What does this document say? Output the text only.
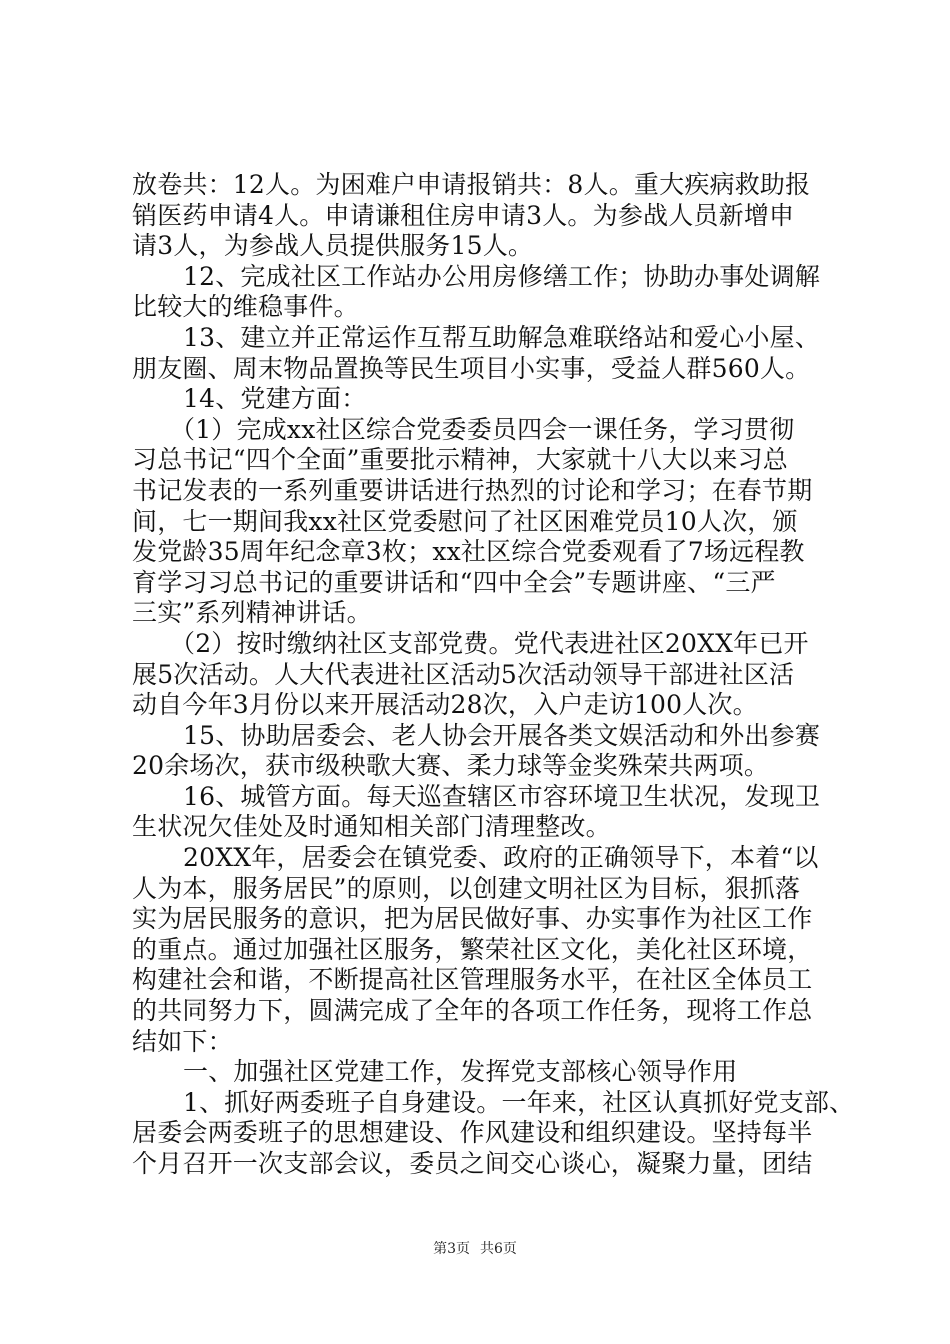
放卷共：12人。为困难户申请报销共：8人。重大疾病救助报

销医药申请4人。申请谦租住房申请3人。为参战人员新增申

请3人，为参战人员提供服务15人。

12、完成社区工作站办公用房修缮工作；协助办事处调解

比较大的维稳事件。

13、建立并正常运作互帮互助解急难联络站和爱心小屋、

朋友圈、周末物品置换等民生项目小实事，受益人群560人。

14、党建方面：

（1）完成xx社区综合党委委员四会一课任务，学习贯彻

习总书记“四个全面”重要批示精神，大家就十八大以来习总

书记发表的一系列重要讲话进行热烈的讨论和学习；在春节期

间，七一期间我xx社区党委慰问了社区困难党员10人次，颁

发党龄35周年纪念章3枚；xx社区综合党委观看了7场远程教

育学习习总书记的重要讲话和“四中全会”专题讲座、“三严

三实”系列精神讲话。

（2）按时缴纳社区支部党费。党代表进社区20XX年已开

展5次活动。人大代表进社区活动5次活动领导干部进社区活

动自今年3月份以来开展活动28次，入户走访100人次。

15、协助居委会、老人协会开展各类文娱活动和外出参赛

20余场次，获市级秧歌大赛、柔力球等金奖殊荣共两项。

16、城管方面。每天巡查辖区市容环境卫生状况，发现卫

生状况欠佳处及时通知相关部门清理整改。

20XX年，居委会在镇党委、政府的正确领导下，本着“以

人为本，服务居民”的原则，以创建文明社区为目标，狠抓落

实为居民服务的意识，把为居民做好事、办实事作为社区工作

的重点。通过加强社区服务，繁荣社区文化，美化社区环境，

构建社会和谐，不断提高社区管理服务水平，在社区全体员工

的共同努力下，圆满完成了全年的各项工作任务，现将工作总

结如下：

一、加强社区党建工作，发挥党支部核心领导作用

1、抓好两委班子自身建设。一年来，社区认真抓好党支部、

居委会两委班子的思想建设、作风建设和组织建设。坚持每半

个月召开一次支部会议，委员之间交心谈心，凝聚力量，团结

第3页 共6页
